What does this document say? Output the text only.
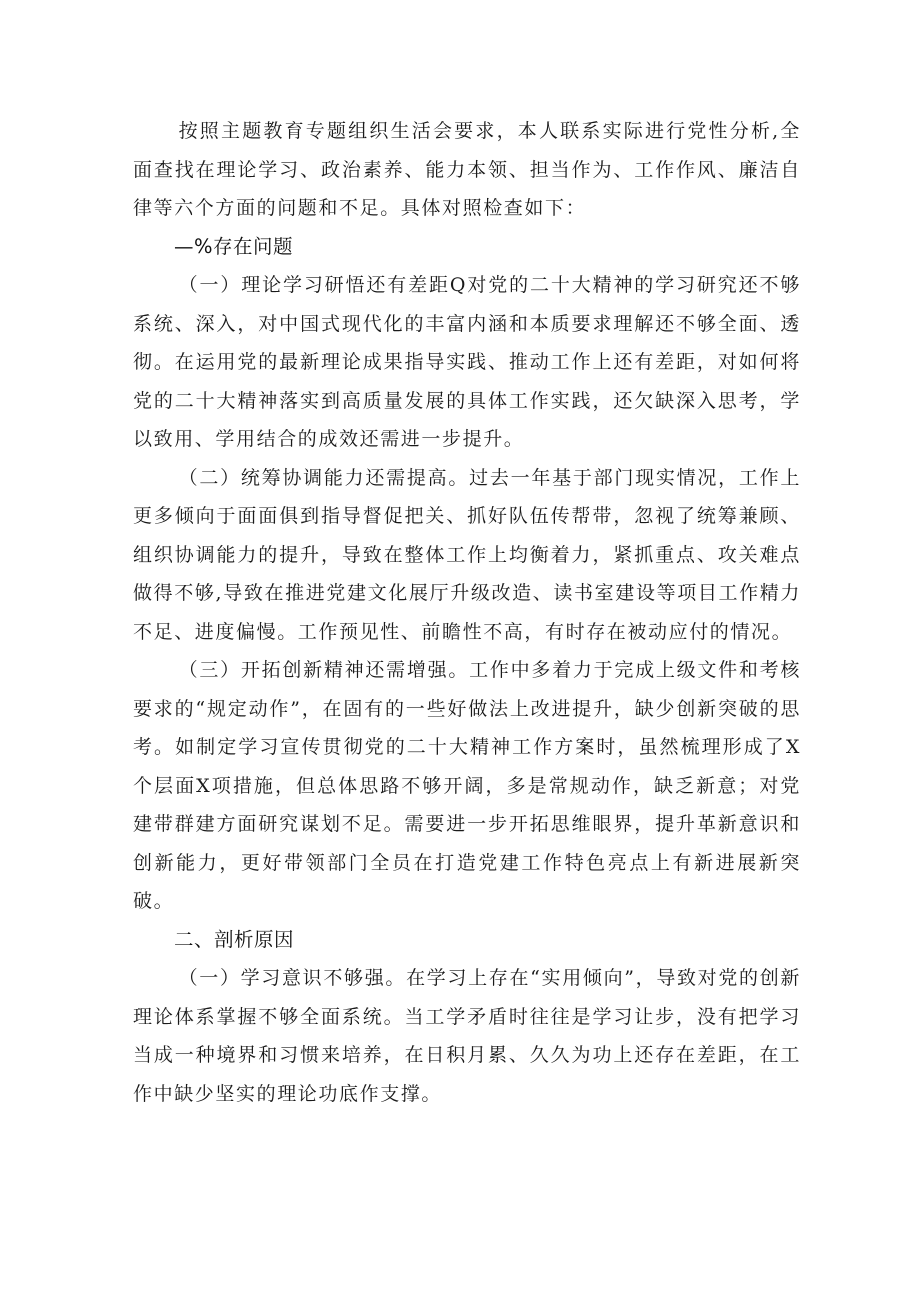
按照主题教育专题组织生活会要求，本人联系实际进行党性分析,全面查找在理论学习、政治素养、能力本领、担当作为、工作作风、廉洁自律等六个方面的问题和不足。具体对照检查如下：

—%存在问题

（一）理论学习研悟还有差距Q对党的二十大精神的学习研究还不够系统、深入，对中国式现代化的丰富内涵和本质要求理解还不够全面、透彻。在运用党的最新理论成果指导实践、推动工作上还有差距，对如何将党的二十大精神落实到高质量发展的具体工作实践，还欠缺深入思考，学以致用、学用结合的成效还需进一步提升。

（二）统筹协调能力还需提高。过去一年基于部门现实情况，工作上更多倾向于面面俱到指导督促把关、抓好队伍传帮带，忽视了统筹兼顾、组织协调能力的提升，导致在整体工作上均衡着力，紧抓重点、攻关难点做得不够,导致在推进党建文化展厅升级改造、读书室建设等项目工作精力不足、进度偏慢。工作预见性、前瞻性不高，有时存在被动应付的情况。

（三）开拓创新精神还需增强。工作中多着力于完成上级文件和考核要求的“规定动作”，在固有的一些好做法上改进提升，缺少创新突破的思考。如制定学习宣传贯彻党的二十大精神工作方案时，虽然梳理形成了X个层面X项措施，但总体思路不够开阔，多是常规动作，缺乏新意；对党建带群建方面研究谋划不足。需要进一步开拓思维眼界，提升革新意识和创新能力，更好带领部门全员在打造党建工作特色亮点上有新进展新突破。

二、剖析原因

（一）学习意识不够强。在学习上存在“实用倾向”，导致对党的创新理论体系掌握不够全面系统。当工学矛盾时往往是学习让步，没有把学习当成一种境界和习惯来培养，在日积月累、久久为功上还存在差距，在工作中缺少坚实的理论功底作支撑。
